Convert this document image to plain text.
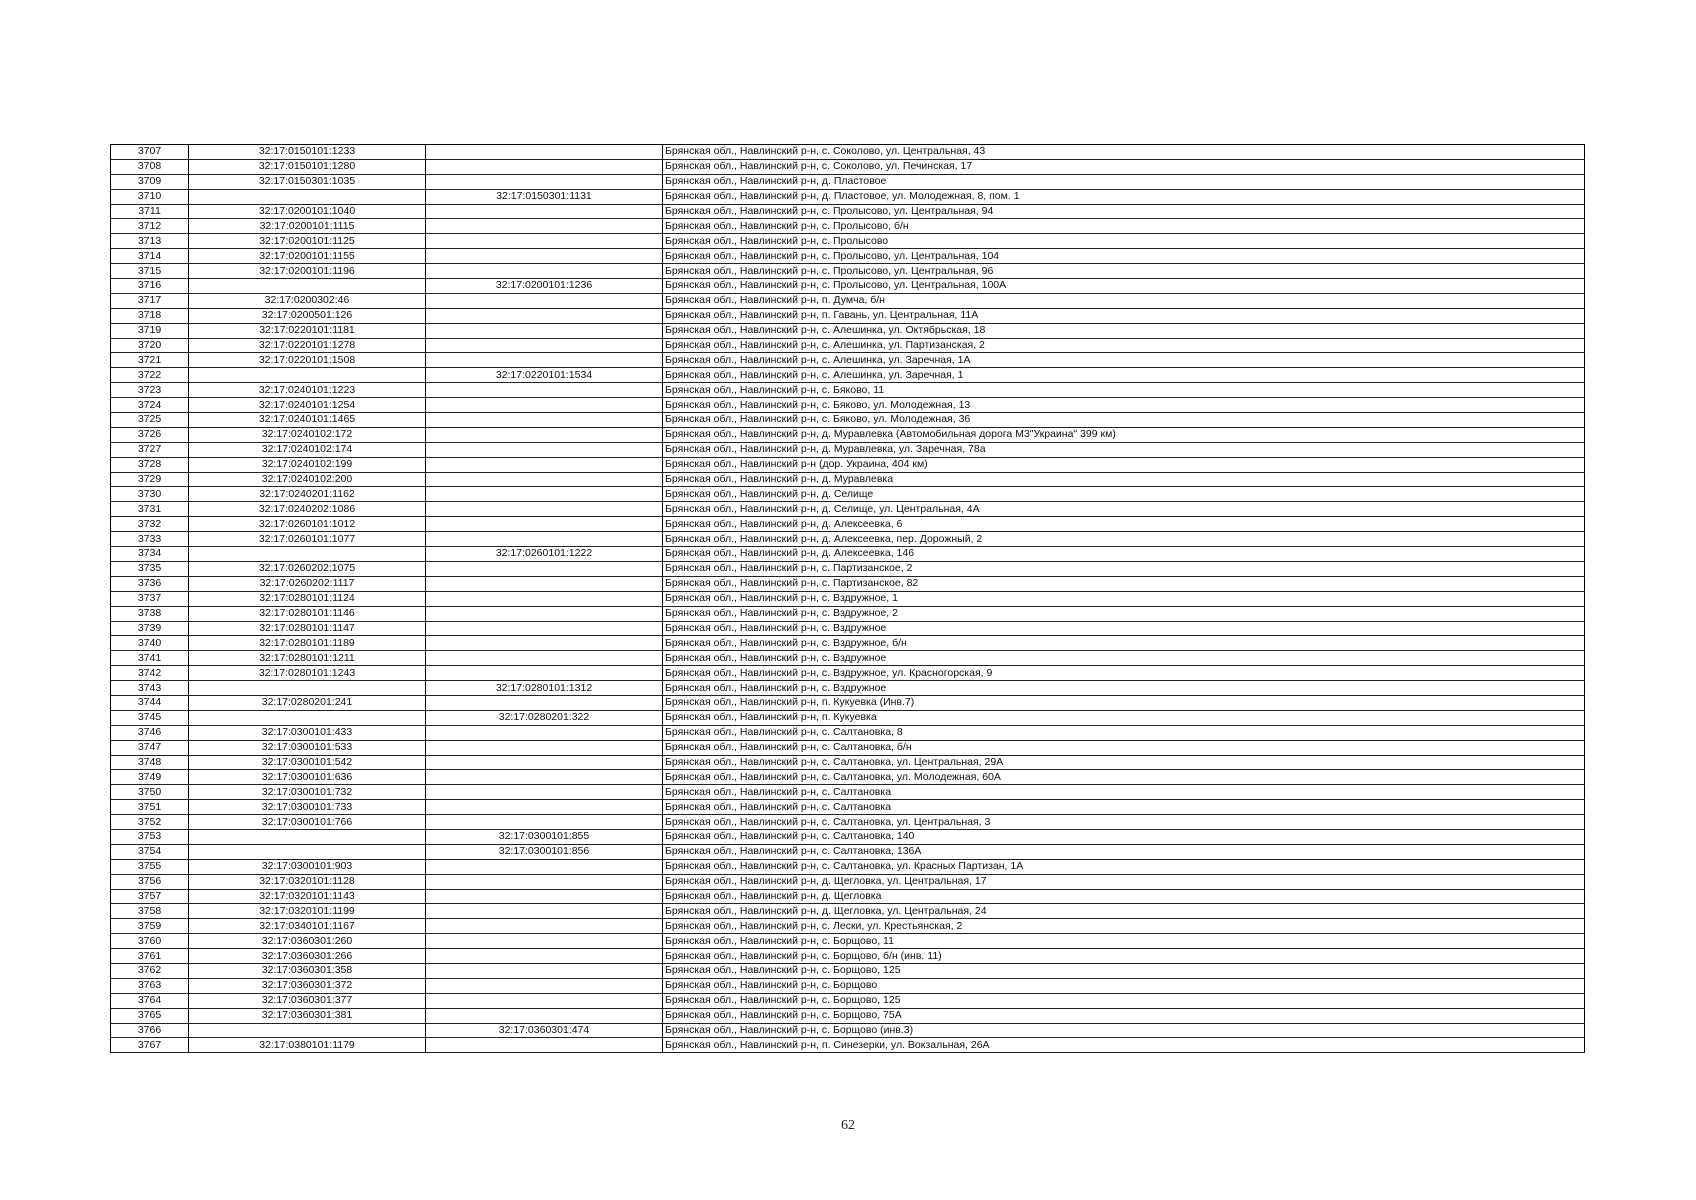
3707	32:17:0150101:1233		Брянская обл., Навлинский р-н, с. Соколово, ул. Центральная, 43
3708	32:17:0150101:1280		Брянская обл., Навлинский р-н, с. Соколово, ул. Печинская, 17
3709	32:17:0150301:1035		Брянская обл., Навлинский р-н, д. Пластовое
3710		32:17:0150301:1131	Брянская обл., Навлинский р-н, д. Пластовое, ул. Молодежная, 8, пом. 1
3711	32:17:0200101:1040		Брянская обл., Навлинский р-н, с. Пролысово, ул. Центральная, 94
3712	32:17:0200101:1115		Брянская обл., Навлинский р-н, с. Пролысово, б/н
3713	32:17:0200101:1125		Брянская обл., Навлинский р-н, с. Пролысово
3714	32:17:0200101:1155		Брянская обл., Навлинский р-н, с. Пролысово, ул. Центральная, 104
3715	32:17:0200101:1196		Брянская обл., Навлинский р-н, с. Пролысово, ул. Центральная, 96
3716		32:17:0200101:1236	Брянская обл., Навлинский р-н, с. Пролысово, ул. Центральная, 100А
3717	32:17:0200302:46		Брянская обл., Навлинский р-н, п. Думча, б/н
3718	32:17:0200501:126		Брянская обл., Навлинский р-н, п. Гавань, ул. Центральная, 11А
3719	32:17:0220101:1181		Брянская обл., Навлинский р-н, с. Алешинка, ул. Октябрьская, 18
3720	32:17:0220101:1278		Брянская обл., Навлинский р-н, с. Алешинка, ул. Партизанская, 2
3721	32:17:0220101:1508		Брянская обл., Навлинский р-н, с. Алешинка, ул. Заречная, 1А
3722		32:17:0220101:1534	Брянская обл., Навлинский р-н, с. Алешинка, ул. Заречная, 1
3723	32:17:0240101:1223		Брянская обл., Навлинский р-н, с. Бяково, 11
3724	32:17:0240101:1254		Брянская обл., Навлинский р-н, с. Бяково, ул. Молодежная, 13
3725	32:17:0240101:1465		Брянская обл., Навлинский р-н, с. Бяково, ул. Молодежная, 36
3726	32:17:0240102:172		Брянская обл., Навлинский р-н, д. Муравлевка (Автомобильная дорога М3"Украина" 399 км)
3727	32:17:0240102:174		Брянская обл., Навлинский р-н, д. Муравлевка, ул. Заречная, 78а
3728	32:17:0240102:199		Брянская обл., Навлинский р-н (дор. Украина, 404 км)
3729	32:17:0240102:200		Брянская обл., Навлинский р-н, д. Муравлевка
3730	32:17:0240201:1162		Брянская обл., Навлинский р-н, д. Селище
3731	32:17:0240202:1086		Брянская обл., Навлинский р-н, д. Селище, ул. Центральная, 4А
3732	32:17:0260101:1012		Брянская обл., Навлинский р-н, д. Алексеевка, 6
3733	32:17:0260101:1077		Брянская обл., Навлинский р-н, д. Алексеевка, пер. Дорожный, 2
3734		32:17:0260101:1222	Брянская обл., Навлинский р-н, д. Алексеевка, 146
3735	32:17:0260202:1075		Брянская обл., Навлинский р-н, с. Партизанское, 2
3736	32:17:0260202:1117		Брянская обл., Навлинский р-н, с. Партизанское, 82
3737	32:17:0280101:1124		Брянская обл., Навлинский р-н, с. Вздружное, 1
3738	32:17:0280101:1146		Брянская обл., Навлинский р-н, с. Вздружное, 2
3739	32:17:0280101:1147		Брянская обл., Навлинский р-н, с. Вздружное
3740	32:17:0280101:1189		Брянская обл., Навлинский р-н, с. Вздружное, б/н
3741	32:17:0280101:1211		Брянская обл., Навлинский р-н, с. Вздружное
3742	32:17:0280101:1243		Брянская обл., Навлинский р-н, с. Вздружное, ул. Красногорская, 9
3743		32:17:0280101:1312	Брянская обл., Навлинский р-н, с. Вздружное
3744	32:17:0280201:241		Брянская обл., Навлинский р-н, п. Кукуевка (Инв.7)
3745		32:17:0280201:322	Брянская обл., Навлинский р-н, п. Кукуевка
3746	32:17:0300101:433		Брянская обл., Навлинский р-н, с. Салтановка, 8
3747	32:17:0300101:533		Брянская обл., Навлинский р-н, с. Салтановка, б/н
3748	32:17:0300101:542		Брянская обл., Навлинский р-н, с. Салтановка, ул. Центральная, 29А
3749	32:17:0300101:636		Брянская обл., Навлинский р-н, с. Салтановка, ул. Молодежная, 60А
3750	32:17:0300101:732		Брянская обл., Навлинский р-н, с. Салтановка
3751	32:17:0300101:733		Брянская обл., Навлинский р-н, с. Салтановка
3752	32:17:0300101:766		Брянская обл., Навлинский р-н, с. Салтановка, ул. Центральная, 3
3753		32:17:0300101:855	Брянская обл., Навлинский р-н, с. Салтановка, 140
3754		32:17:0300101:856	Брянская обл., Навлинский р-н, с. Салтановка, 136А
3755	32:17:0300101:903		Брянская обл., Навлинский р-н, с. Салтановка, ул. Красных Партизан, 1А
3756	32:17:0320101:1128		Брянская обл., Навлинский р-н, д. Щегловка, ул. Центральная, 17
3757	32:17:0320101:1143		Брянская обл., Навлинский р-н, д. Щегловка
3758	32:17:0320101:1199		Брянская обл., Навлинский р-н, д. Щегловка, ул. Центральная, 24
3759	32:17:0340101:1167		Брянская обл., Навлинский р-н, с. Лески, ул. Крестьянская, 2
3760	32:17:0360301:260		Брянская обл., Навлинский р-н, с. Борщово, 11
3761	32:17:0360301:266		Брянская обл., Навлинский р-н, с. Борщово, б/н (инв. 11)
3762	32:17:0360301:358		Брянская обл., Навлинский р-н, с. Борщово, 125
3763	32:17:0360301:372		Брянская обл., Навлинский р-н, с. Борщово
3764	32:17:0360301:377		Брянская обл., Навлинский р-н, с. Борщово, 125
3765	32:17:0360301:381		Брянская обл., Навлинский р-н, с. Борщово, 75А
3766		32:17:0360301:474	Брянская обл., Навлинский р-н, с. Борщово (инв.3)
3767	32:17:0380101:1179		Брянская обл., Навлинский р-н, п. Синезерки, ул. Вокзальная, 26А
62
